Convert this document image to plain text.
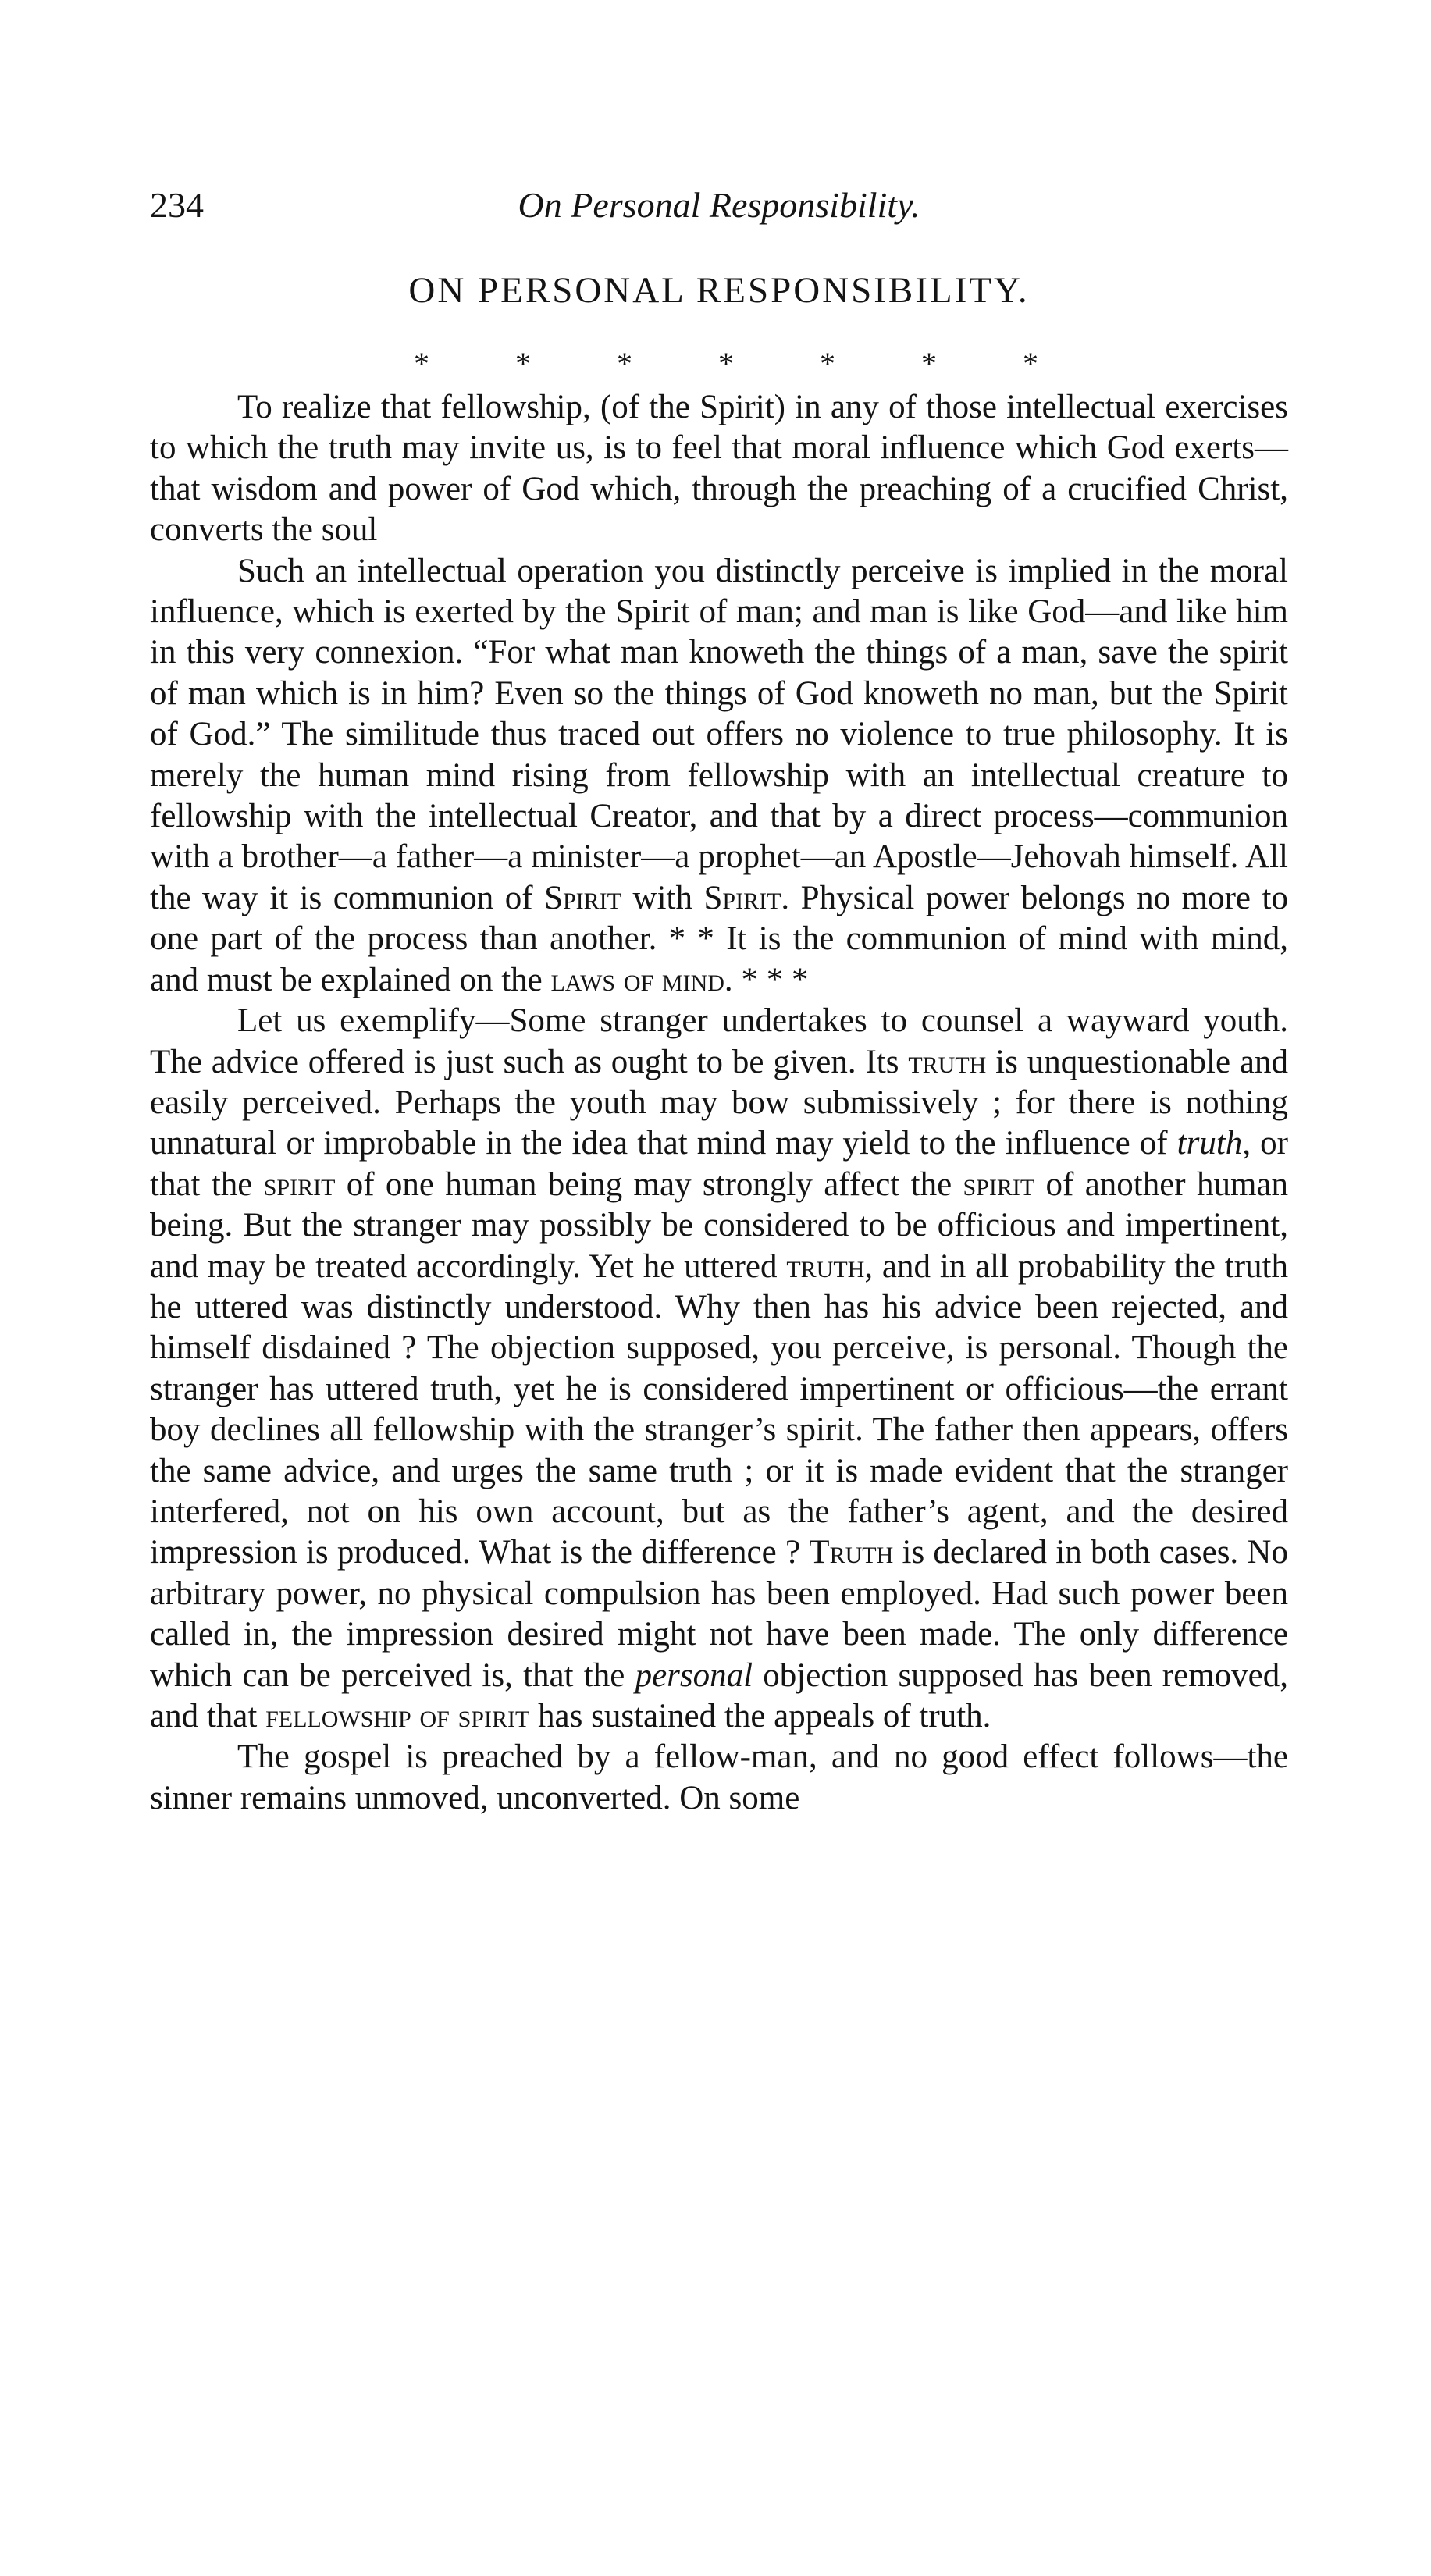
234	On Personal Responsibility.
ON PERSONAL RESPONSIBILITY.
* * * * * * *

To realize that fellowship, (of the Spirit) in any of those intellectual exercises to which the truth may invite us, is to feel that moral influence which God exerts—that wisdom and power of God which, through the preaching of a crucified Christ, converts the soul

Such an intellectual operation you distinctly perceive is implied in the moral influence, which is exerted by the Spirit of man; and man is like God—and like him in this very connexion. “For what man knoweth the things of a man, save the spirit of man which is in him? Even so the things of God knoweth no man, but the Spirit of God.” The similitude thus traced out offers no violence to true philosophy. It is merely the human mind rising from fellowship with an intellectual creature to fellowship with the intellectual Creator, and that by a direct process—communion with a brother—a father—a minister—a prophet—an Apostle—Jehovah himself. All the way it is communion of Spirit with Spirit. Physical power belongs no more to one part of the process than another. * * It is the communion of mind with mind, and must be explained on the laws of mind. * * *

Let us exemplify—Some stranger undertakes to counsel a wayward youth. The advice offered is just such as ought to be given. Its truth is unquestionable and easily perceived. Perhaps the youth may bow submissively ; for there is nothing unnatural or improbable in the idea that mind may yield to the influence of truth, or that the spirit of one human being may strongly affect the spirit of another human being. But the stranger may possibly be considered to be officious and impertinent, and may be treated accordingly. Yet he uttered truth, and in all probability the truth he uttered was distinctly understood. Why then has his advice been rejected, and himself disdained ? The objection supposed, you perceive, is personal. Though the stranger has uttered truth, yet he is considered impertinent or officious—the errant boy declines all fellowship with the stranger’s spirit. The father then appears, offers the same advice, and urges the same truth ; or it is made evident that the stranger interfered, not on his own account, but as the father’s agent, and the desired impression is produced. What is the difference ? Truth is declared in both cases. No arbitrary power, no physical compulsion has been employed. Had such power been called in, the impression desired might not have been made. The only difference which can be perceived is, that the personal objection supposed has been removed, and that fellowship of spirit has sustained the appeals of truth.

The gospel is preached by a fellow-man, and no good effect follows—the sinner remains unmoved, unconverted. On some
